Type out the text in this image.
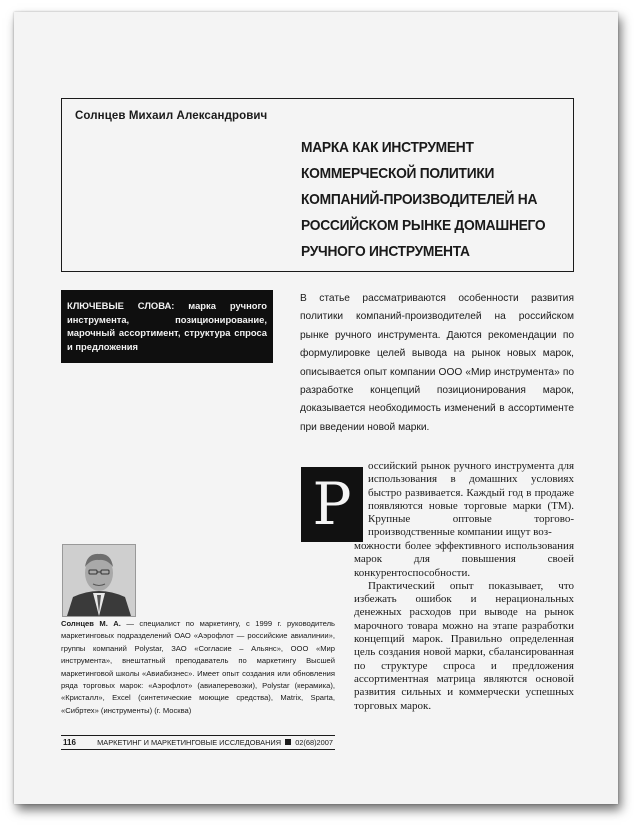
Солнцев Михаил Александрович
МАРКА КАК ИНСТРУМЕНТ
КОММЕРЧЕСКОЙ ПОЛИТИКИ
КОМПАНИЙ-ПРОИЗВОДИТЕЛЕЙ НА
РОССИЙСКОМ РЫНКЕ ДОМАШНЕГО
РУЧНОГО ИНСТРУМЕНТА
КЛЮЧЕВЫЕ СЛОВА: марка ручного инструмента, позиционирование, марочный ассортимент, структура спроса и предложения
В статье рассматриваются особенности развития политики компаний-производителей на российском рынке ручного инструмента. Даются рекомендации по формулировке целей вывода на рынок новых марок, описывается опыт компании ООО «Мир инструмента» по разработке концепций позиционирования марок, доказывается необходимость изменений в ассортименте при введении новой марки.
Р

оссийский рынок ручного инструмента для использования в домашних условиях быстро развивается. Каждый год в продаже появляются новые торговые марки (ТМ). Крупные оптовые торгово-производственные компании ищут воз-

можности более эффективного использования марок для повышения своей конкурентоспособности.

Практический опыт показывает, что избежать ошибок и нерациональных денежных расходов при выводе на рынок марочного товара можно на этапе разработки концепций марок. Правильно определенная цель создания новой марки, сбалансированная по структуре спроса и предложения ассортиментная матрица являются основой развития сильных и коммерчески успешных торговых марок.

Солнцев М. А. — специалист по маркетингу, с 1999 г. руководитель маркетинговых подразделений ОАО «Аэрофлот — российские авиалинии», группы компаний Polystar, ЗАО «Согласие – Альянс», ООО «Мир инструмента», внештатный преподаватель по маркетингу Высшей маркетинговой школы «Авиабизнес». Имеет опыт создания или обновления ряда торговых марок: «Аэрофлот» (авиаперевозки), Polystar (керамика), «Кристалл», Excel (синтетические моющие средства), Matrix, Sparta, «Сибртех» (инструменты) (г. Москва)
116	МАРКЕТИНГ И МАРКЕТИНГОВЫЕ ИССЛЕДОВАНИЯ 02(68)2007
